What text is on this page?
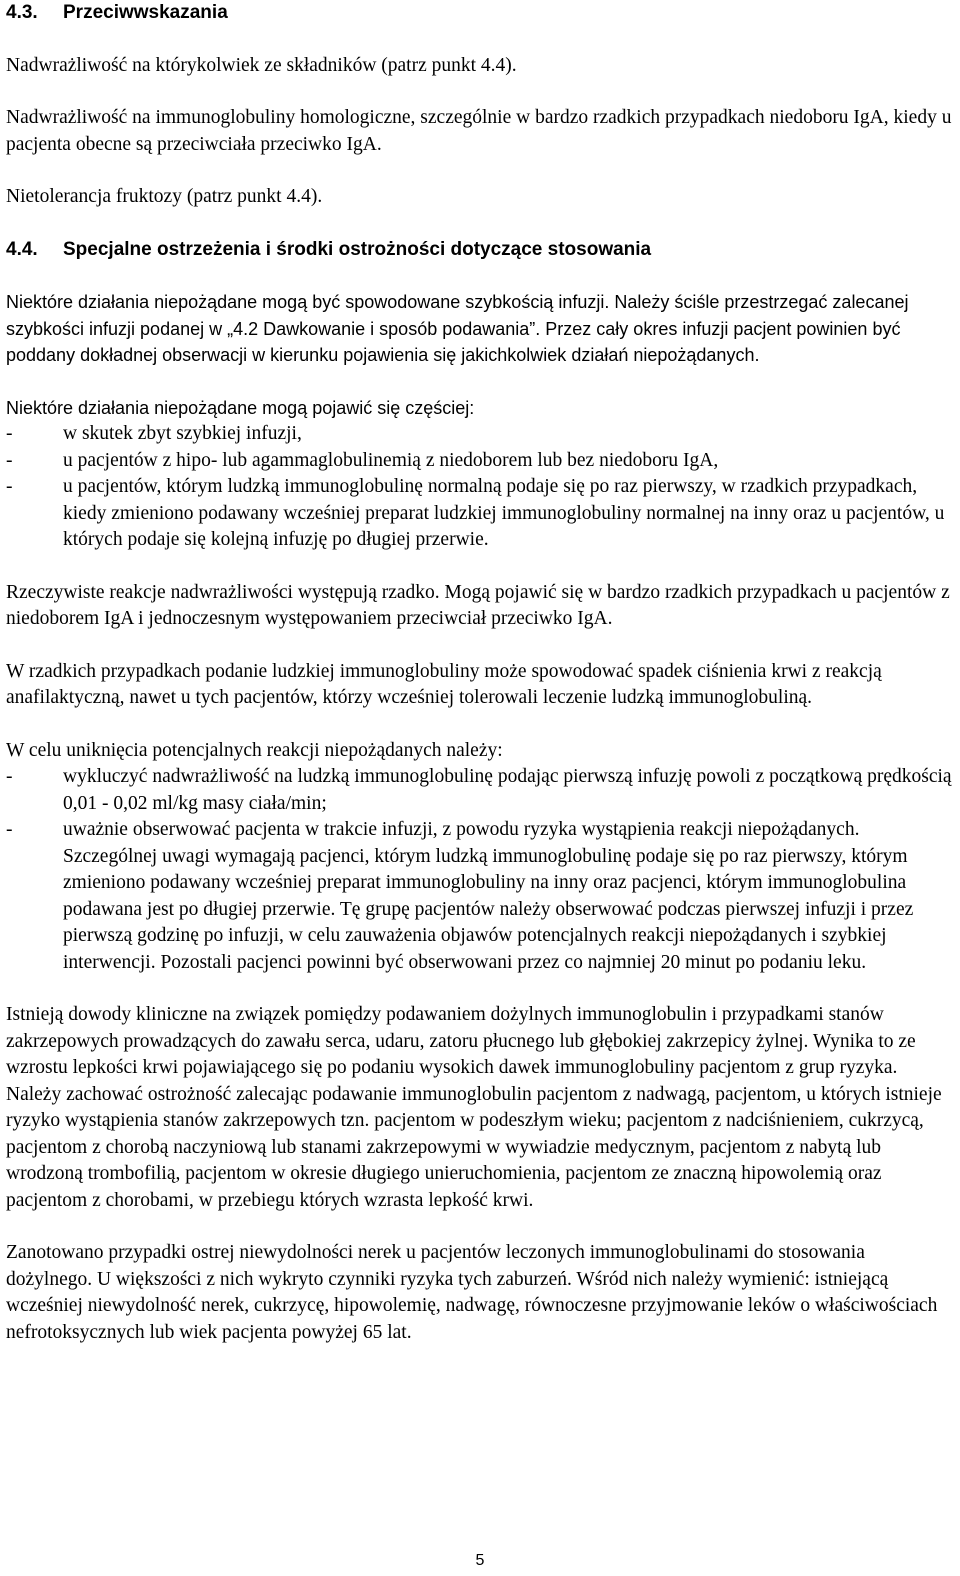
4.3.	Przeciwwskazania

Nadwrażliwość na którykolwiek ze składników (patrz punkt 4.4).

Nadwrażliwość na immunoglobuliny homologiczne, szczególnie w bardzo rzadkich przypadkach niedoboru IgA, kiedy u pacjenta obecne są przeciwciała przeciwko IgA.

Nietolerancja fruktozy (patrz punkt 4.4).

4.4.	Specjalne ostrzeżenia i środki ostrożności dotyczące stosowania

Niektóre działania niepożądane mogą być spowodowane szybkością infuzji. Należy ściśle przestrzegać zalecanej szybkości infuzji podanej w „4.2 Dawkowanie i sposób podawania”. Przez cały okres infuzji pacjent powinien być poddany dokładnej obserwacji w kierunku pojawienia się jakichkolwiek działań niepożądanych.

Niektóre działania niepożądane mogą pojawić się częściej:

-	w skutek zbyt szybkiej infuzji,
-	u pacjentów z hipo- lub agammaglobulinemią z niedoborem lub bez niedoboru IgA,
-	u pacjentów, którym ludzką immunoglobulinę normalną podaje się po raz pierwszy, w rzadkich przypadkach, kiedy zmieniono podawany wcześniej preparat ludzkiej immunoglobuliny normalnej na inny oraz u pacjentów, u których podaje się kolejną infuzję po długiej przerwie.

Rzeczywiste reakcje nadwrażliwości występują rzadko. Mogą pojawić się w bardzo rzadkich przypadkach u pacjentów z niedoborem IgA i jednoczesnym występowaniem przeciwciał przeciwko IgA.

W rzadkich przypadkach podanie ludzkiej immunoglobuliny może spowodować spadek ciśnienia krwi z reakcją anafilaktyczną, nawet u tych pacjentów, którzy wcześniej tolerowali leczenie ludzką immunoglobuliną.

W celu uniknięcia potencjalnych reakcji niepożądanych należy:

-	wykluczyć nadwrażliwość na ludzką immunoglobulinę podając pierwszą infuzję powoli z początkową prędkością 0,01 - 0,02 ml/kg masy ciała/min;
-	uważnie obserwować pacjenta w trakcie infuzji, z powodu ryzyka wystąpienia reakcji niepożądanych. Szczególnej uwagi wymagają pacjenci, którym ludzką immunoglobulinę podaje się po raz pierwszy, którym zmieniono podawany wcześniej preparat immunoglobuliny na inny oraz pacjenci, którym immunoglobulina podawana jest po długiej przerwie. Tę grupę pacjentów należy obserwować podczas pierwszej infuzji i przez pierwszą godzinę po infuzji, w celu zauważenia objawów potencjalnych reakcji niepożądanych i szybkiej interwencji. Pozostali pacjenci powinni być obserwowani przez co najmniej 20 minut po podaniu leku.

Istnieją dowody kliniczne na związek pomiędzy podawaniem dożylnych immunoglobulin i przypadkami stanów zakrzepowych prowadzących do zawału serca, udaru, zatoru płucnego lub głębokiej zakrzepicy żylnej. Wynika to ze wzrostu lepkości krwi pojawiającego się po podaniu wysokich dawek immunoglobuliny pacjentom z grup ryzyka. Należy zachować ostrożność zalecając podawanie immunoglobulin pacjentom z nadwagą, pacjentom, u których istnieje ryzyko wystąpienia stanów zakrzepowych tzn. pacjentom w podeszłym wieku; pacjentom z nadciśnieniem, cukrzycą, pacjentom z chorobą naczyniową lub stanami zakrzepowymi w wywiadzie medycznym, pacjentom z nabytą lub wrodzoną trombofilią, pacjentom w okresie długiego unieruchomienia, pacjentom ze znaczną hipowolemią oraz pacjentom z chorobami, w przebiegu których wzrasta lepkość krwi.

Zanotowano przypadki ostrej niewydolności nerek u pacjentów leczonych immunoglobulinami do stosowania dożylnego. U większości z nich wykryto czynniki ryzyka tych zaburzeń. Wśród nich należy wymienić: istniejącą wcześniej niewydolność nerek, cukrzycę, hipowolemię, nadwagę, równoczesne przyjmowanie leków o właściwościach nefrotoksycznych lub wiek pacjenta powyżej 65 lat.

5
